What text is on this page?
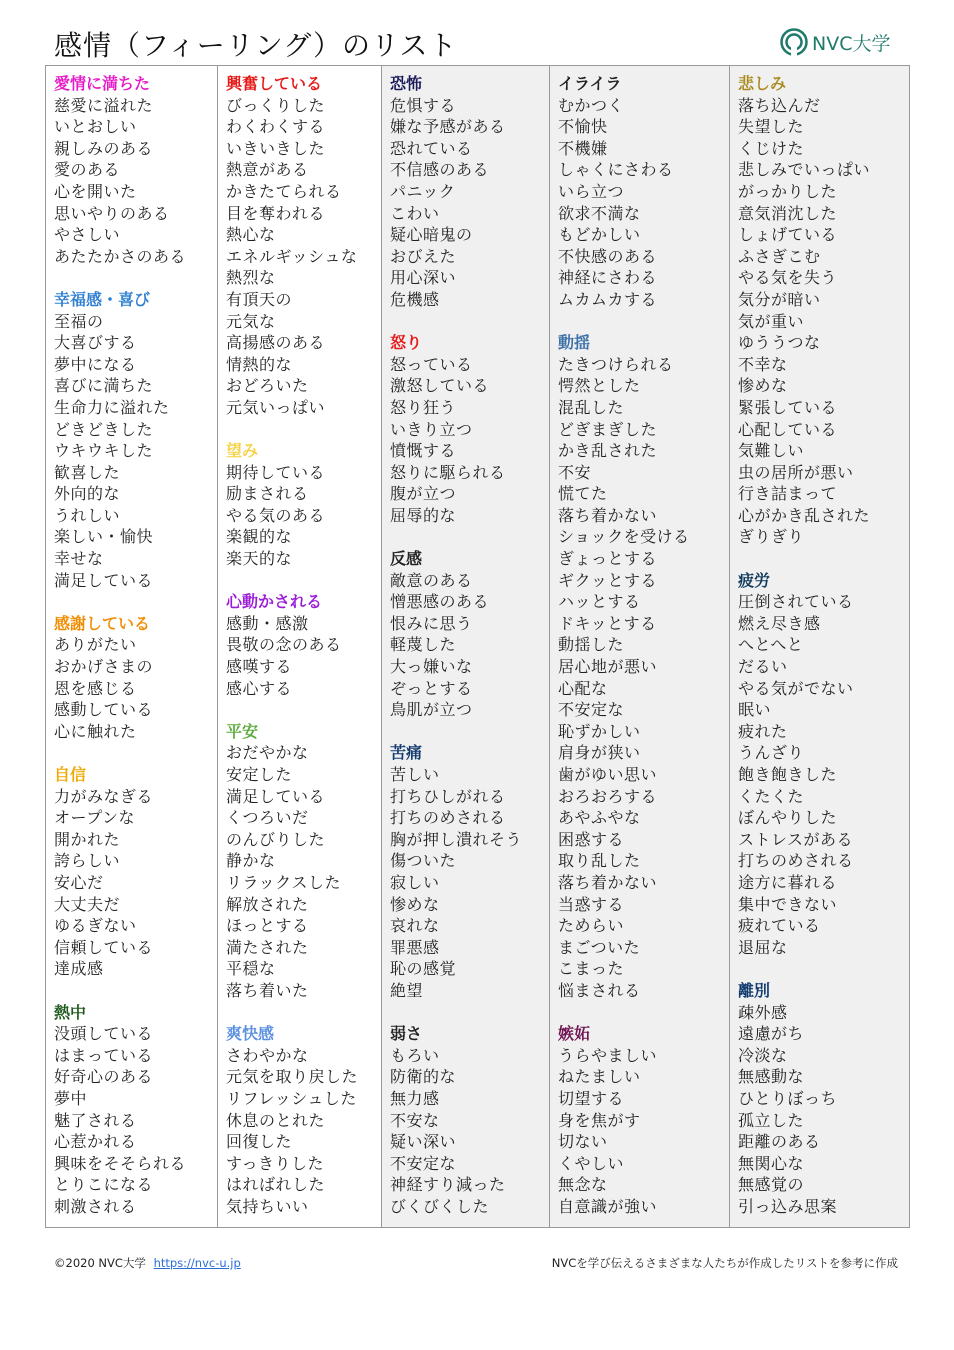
感情（フィーリング）のリスト	NVC大学
愛情に満ちた
慈愛に溢れた
いとおしい
親しみのある
愛のある
心を開いた
思いやりのある
やさしい
あたたかさのある
幸福感・喜び
至福の
大喜びする
夢中になる
喜びに満ちた
生命力に溢れた
どきどきした
ウキウキした
歓喜した
外向的な
うれしい
楽しい・愉快
幸せな
満足している
感謝している
ありがたい
おかげさまの
恩を感じる
感動している
心に触れた
自信
力がみなぎる
オープンな
開かれた
誇らしい
安心だ
大丈夫だ
ゆるぎない
信頼している
達成感
熱中
没頭している
はまっている
好奇心のある
夢中
魅了される
心惹かれる
興味をそそられる
とりこになる
刺激される
興奮している
びっくりした
わくわくする
いきいきした
熱意がある
かきたてられる
目を奪われる
熱心な
エネルギッシュな
熱烈な
有頂天の
元気な
高揚感のある
情熱的な
おどろいた
元気いっぱい
望み
期待している
励まされる
やる気のある
楽観的な
楽天的な
心動かされる
感動・感激
畏敬の念のある
感嘆する
感心する
平安
おだやかな
安定した
満足している
くつろいだ
のんびりした
静かな
リラックスした
解放された
ほっとする
満たされた
平穏な
落ち着いた
爽快感
さわやかな
元気を取り戻した
リフレッシュした
休息のとれた
回復した
すっきりした
はればれした
気持ちいい
恐怖
危惧する
嫌な予感がある
恐れている
不信感のある
パニック
こわい
疑心暗鬼の
おびえた
用心深い
危機感
怒り
怒っている
激怒している
怒り狂う
いきり立つ
憤慨する
怒りに駆られる
腹が立つ
屈辱的な
反感
敵意のある
憎悪感のある
恨みに思う
軽蔑した
大っ嫌いな
ぞっとする
鳥肌が立つ
苦痛
苦しい
打ちひしがれる
打ちのめされる
胸が押し潰れそう
傷ついた
寂しい
惨めな
哀れな
罪悪感
恥の感覚
絶望
弱さ
もろい
防衛的な
無力感
不安な
疑い深い
不安定な
神経すり減った
びくびくした
イライラ
むかつく
不愉快
不機嫌
しゃくにさわる
いら立つ
欲求不満な
もどかしい
不快感のある
神経にさわる
ムカムカする
動揺
たきつけられる
愕然とした
混乱した
どぎまぎした
かき乱された
不安
慌てた
落ち着かない
ショックを受ける
ぎょっとする
ギクッとする
ハッとする
ドキッとする
動揺した
居心地が悪い
心配な
不安定な
恥ずかしい
肩身が狭い
歯がゆい思い
おろおろする
あやふやな
困惑する
取り乱した
落ち着かない
当惑する
ためらい
まごついた
こまった
悩まされる
嫉妬
うらやましい
ねたましい
切望する
身を焦がす
切ない
くやしい
無念な
自意識が強い
悲しみ
落ち込んだ
失望した
くじけた
悲しみでいっぱい
がっかりした
意気消沈した
しょげている
ふさぎこむ
やる気を失う
気分が暗い
気が重い
ゆううつな
不幸な
惨めな
緊張している
心配している
気難しい
虫の居所が悪い
行き詰まって
心がかき乱された
ぎりぎり
疲労
圧倒されている
燃え尽き感
へとへと
だるい
やる気がでない
眠い
疲れた
うんざり
飽き飽きした
くたくた
ぼんやりした
ストレスがある
打ちのめされる
途方に暮れる
集中できない
疲れている
退屈な
離別
疎外感
遠慮がち
冷淡な
無感動な
ひとりぼっち
孤立した
距離のある
無関心な
無感覚の
引っ込み思案
©2020 NVC大学 https://nvc-u.jp	NVCを学び伝えるさまざまな人たちが作成したリストを参考に作成
